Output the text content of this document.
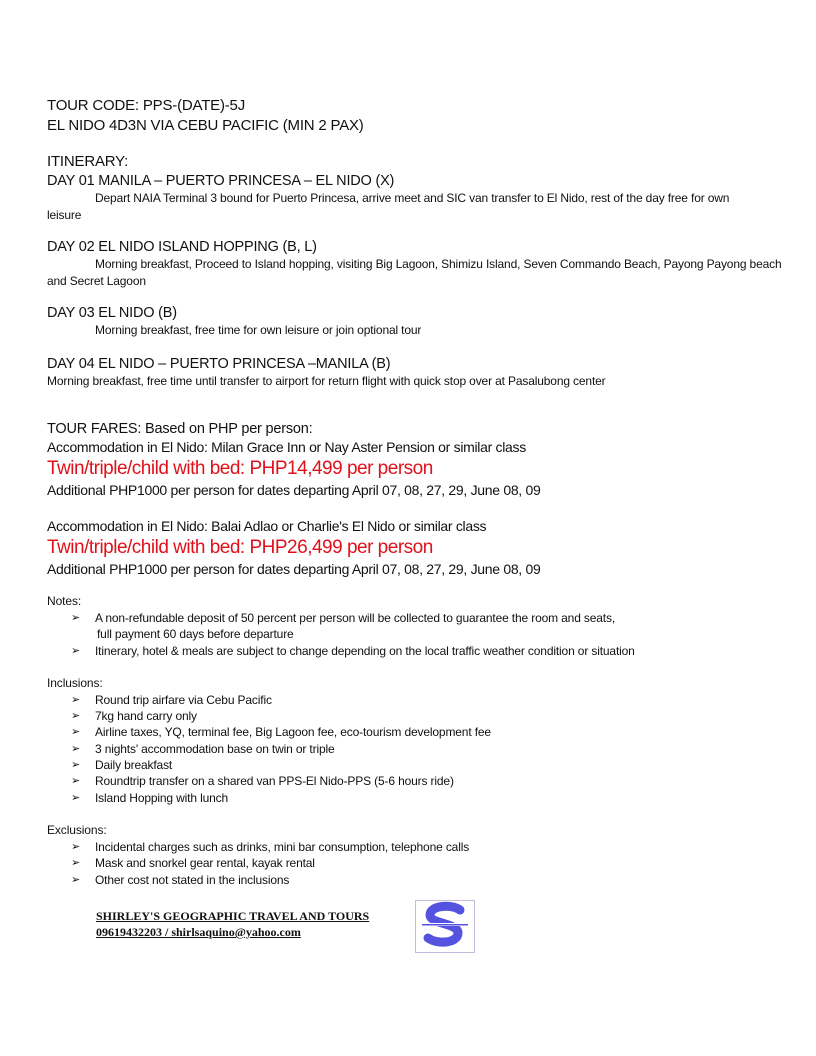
TOUR CODE: PPS-(DATE)-5J
EL NIDO 4D3N VIA CEBU PACIFIC (MIN 2 PAX)
ITINERARY:
DAY 01 MANILA – PUERTO PRINCESA – EL NIDO (X)

Depart NAIA Terminal 3 bound for Puerto Princesa, arrive meet and SIC van transfer to El Nido, rest of the day free for own

leisure

DAY 02 EL NIDO ISLAND HOPPING (B, L)

Morning breakfast, Proceed to Island hopping, visiting Big Lagoon, Shimizu Island, Seven Commando Beach, Payong Payong beach

and Secret Lagoon

DAY 03 EL NIDO (B)

Morning breakfast, free time for own leisure or join optional tour

DAY 04 EL NIDO – PUERTO PRINCESA –MANILA (B)

Morning breakfast, free time until transfer to airport for return flight with quick stop over at Pasalubong center

TOUR FARES: Based on PHP per person:
Accommodation in El Nido: Milan Grace Inn or Nay Aster Pension or similar class
Twin/triple/child with bed: PHP14,499 per person
Additional PHP1000 per person for dates departing April 07, 08, 27, 29, June 08, 09
Accommodation in El Nido: Balai Adlao or Charlie's El Nido or similar class
Twin/triple/child with bed: PHP26,499 per person
Additional PHP1000 per person for dates departing April 07, 08, 27, 29, June 08, 09
Notes:
➢ A non-refundable deposit of 50 percent per person will be collected to guarantee the room and seats,
full payment 60 days before departure
➢ Itinerary, hotel & meals are subject to change depending on the local traffic weather condition or situation
Inclusions:
➢ Round trip airfare via Cebu Pacific
➢ 7kg hand carry only
➢ Airline taxes, YQ, terminal fee, Big Lagoon fee, eco-tourism development fee
➢ 3 nights' accommodation base on twin or triple
➢ Daily breakfast
➢ Roundtrip transfer on a shared van PPS-El Nido-PPS (5-6 hours ride)
➢ Island Hopping with lunch
Exclusions:
➢ Incidental charges such as drinks, mini bar consumption, telephone calls
➢ Mask and snorkel gear rental, kayak rental
➢ Other cost not stated in the inclusions
SHIRLEY'S GEOGRAPHIC TRAVEL AND TOURS
09619432203 / shirlsaquino@yahoo.com
